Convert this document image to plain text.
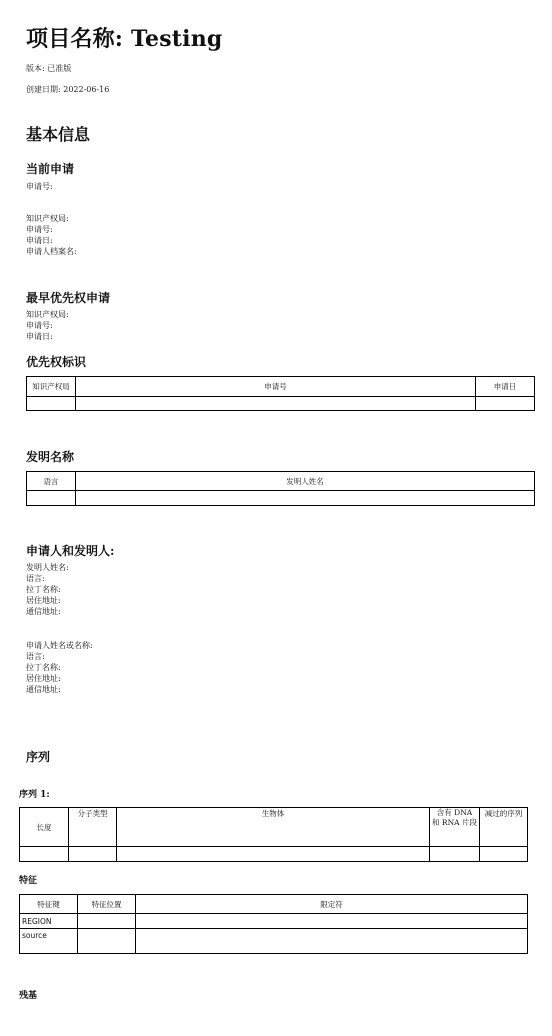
项目名称: Testing
版本: 已准版
创建日期: 2022-06-16
基本信息
当前申请
申请号:
知识产权局:
申请号:
申请日:
申请人档案名:
最早优先权申请
知识产权局:
申请号:
申请日:
优先权标识
知识产权局	申请号	申请日

发明名称
语言	发明人姓名

申请人和发明人:
发明人姓名:
语言:
拉丁名称:
居住地址:
通信地址:
申请人姓名或名称:
语言:
拉丁名称:
居住地址:
通信地址:
序列
序列 1:
长度	分子类型	生物体	含有 DNA 和 RNA 片段	减过的序列

特征
特征键	特征位置	限定符
REGION		
source		
残基
